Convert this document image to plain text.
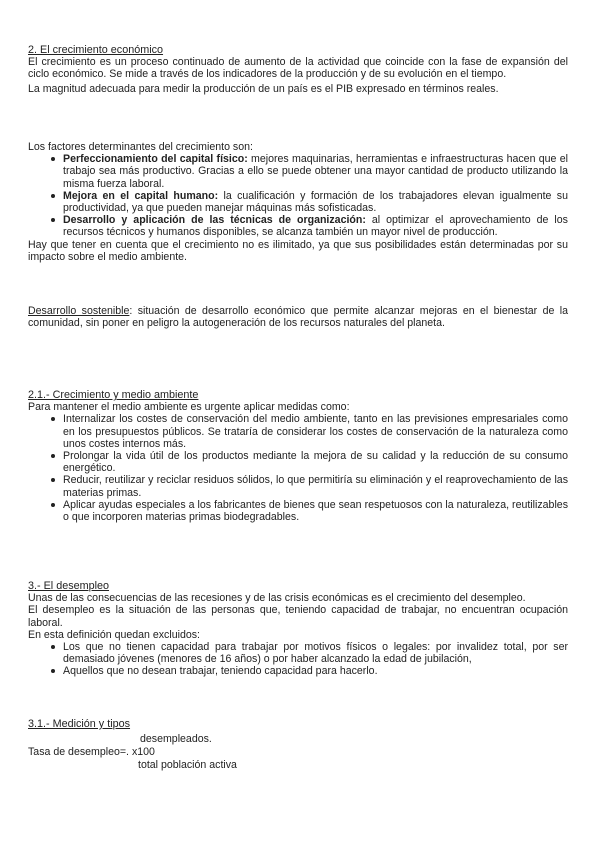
2. El crecimiento económico

El crecimiento es un proceso continuado de aumento de la actividad que coincide con la fase de expansión del ciclo económico. Se mide a través de los indicadores de la producción y de su evolución en el tiempo.

La magnitud adecuada para medir la producción de un país es el PIB expresado en términos reales.

Los factores determinantes del crecimiento son:

Perfeccionamiento del capital físico: mejores maquinarias, herramientas e infraestructuras hacen que el trabajo sea más productivo. Gracias a ello se puede obtener una mayor cantidad de producto utilizando la misma fuerza laboral.
Mejora en el capital humano: la cualificación y formación de los trabajadores elevan igualmente su productividad, ya que pueden manejar máquinas más sofisticadas.
Desarrollo y aplicación de las técnicas de organización: al optimizar el aprovechamiento de los recursos técnicos y humanos disponibles, se alcanza también un mayor nivel de producción.

Hay que tener en cuenta que el crecimiento no es ilimitado, ya que sus posibilidades están determinadas por su impacto sobre el medio ambiente.

Desarrollo sostenible: situación de desarrollo económico que permite alcanzar mejoras en el bienestar de la comunidad, sin poner en peligro la autogeneración de los recursos naturales del planeta.

2.1.- Crecimiento y medio ambiente

Para mantener el medio ambiente es urgente aplicar medidas como:

Internalizar los costes de conservación del medio ambiente, tanto en las previsiones empresariales como en los presupuestos públicos. Se trataría de considerar los costes de conservación de la naturaleza como unos costes internos más.
Prolongar la vida útil de los productos mediante la mejora de su calidad y la reducción de su consumo energético.
Reducir, reutilizar y reciclar residuos sólidos, lo que permitiría su eliminación y el reaprovechamiento de las materias primas.
Aplicar ayudas especiales a los fabricantes de bienes que sean respetuosos con la naturaleza, reutilizables o que incorporen materias primas biodegradables.

3.- El desempleo

Unas de las consecuencias de las recesiones y de las crisis económicas es el crecimiento del desempleo.

El desempleo es la situación de las personas que, teniendo capacidad de trabajar, no encuentran ocupación laboral.

En esta definición quedan excluidos:

Los que no tienen capacidad para trabajar por motivos físicos o legales: por invalidez total, por ser demasiado jóvenes (menores de 16 años) o por haber alcanzado la edad de jubilación,
Aquellos que no desean trabajar, teniendo capacidad para hacerlo.

3.1.- Medición y tipos

desempleados.
Tasa de desempleo=. x100
total población activa
